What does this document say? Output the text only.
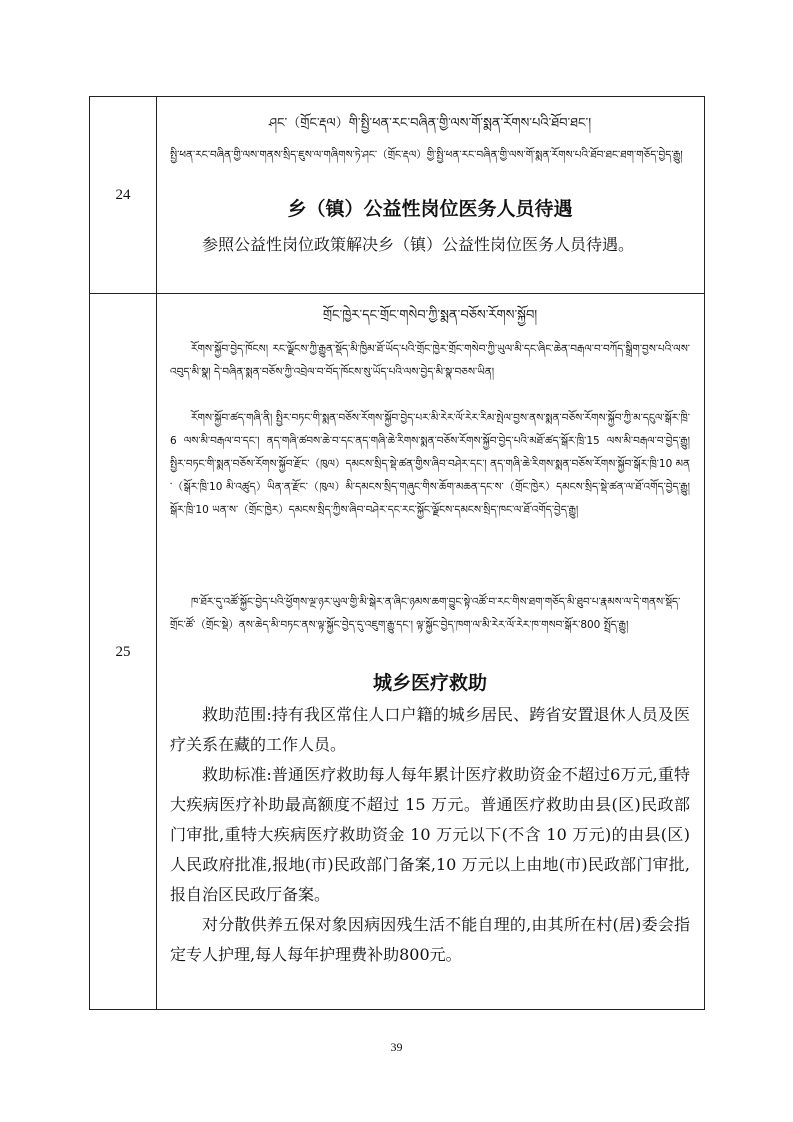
24
ཤང་（གྲོང་རྡལ）གི་སྤྱི་ཕན་རང་བཞིན་གྱི་ལས་གོ་སྨན་རོགས་པའི་ཐོབ་ཐང་།
སྤྱི་ཕན་རང་བཞིན་གྱི་ལས་གནས་སྲིད་ཇུས་ལ་གཞིགས་ཏེ་ཤང་（གྲོང་རྡལ）གྱི་སྤྱི་ཕན་རང་བཞིན་གྱི་ལས་གོ་སྨན་རོགས་པའི་ཐོབ་ཐང་ཐག་གཅོད་བྱེད་རྒྱུ།
乡（镇）公益性岗位医务人员待遇
参照公益性岗位政策解决乡（镇）公益性岗位医务人员待遇。
25
གྲོང་ཁྱེར་དང་གྲོང་གསེབ་ཀྱི་སྨན་བཅོས་རོགས་སྐྱོབ།
རོགས་སྐྱོབ་བྱེད་ཁོངས། རང་ལྗོངས་ཀྱི་རྒྱུན་སྡོད་མི་ཁྱིམ་ཐོ་ཡོད་པའི་གྲོང་ཁྱེར་གྲོང་གསེབ་ཀྱི་ཡུལ་མི་དང་ཞིང་ཆེན་བརྒལ་བ་བཀོད་སྒྲིག་བྱས་པའི་ལས་འབུད་མི་སྣ། དེ་བཞིན་སྨན་བཅོས་ཀྱི་འབྲེལ་བ་བོད་ཁོངས་སུ་ཡོད་པའི་ལས་བྱེད་མི་སྣ་བཅས་ཡིན།
རོགས་སྐྱོབ་ཚད་གཞི་ནི། སྤྱིར་བཏང་གི་སྨན་བཅོས་རོགས་སྐྱོབ་བྱེད་པར་མི་རེར་ལོ་རེར་རིམ་སྤེལ་བྱས་ནས་སྨན་བཅོས་རོགས་སྐྱོབ་ཀྱི་མ་དངུལ་སྒོར་ཁྲི་6 ལས་མི་བརྒལ་བ་དང་། ནད་གཞི་ཚབས་ཆེ་བ་དང་ནད་གཞི་ཆེ་རིགས་སྨན་བཅོས་རོགས་སྐྱོབ་བྱེད་པའི་མཐོ་ཚད་སྒོར་ཁྲི་15 ལས་མི་བརྒལ་བ་བྱེད་རྒྱུ། སྤྱིར་བཏང་གི་སྨན་བཅོས་རོགས་སྐྱོབ་རྫོང་（ཁུལ）དམངས་སྲིད་སྡེ་ཚན་གྱིས་ཞིབ་བཤེར་དང་། ནད་གཞི་ཆེ་རིགས་སྨན་བཅོས་རོགས་སྐྱོབ་སྒོར་ཁྲི་10 མན་（སྒོར་ཁྲི་10 མི་འཚུད）ཡིན་ན་རྫོང་（ཁུལ）མི་དམངས་སྲིད་གཞུང་གིས་ཆོག་མཆན་དང་ས་（གྲོང་ཁྱེར）དམངས་སྲིད་སྡེ་ཚན་ལ་ཐོ་འགོད་བྱེད་རྒྱུ། སྒོར་ཁྲི་10 ཡན་ས་（གྲོང་ཁྱེར）དམངས་སྲིད་ཀྱིས་ཞིབ་བཤེར་དང་རང་སྐྱོང་ལྗོངས་དམངས་སྲིད་ཁང་ལ་ཐོ་འགོད་བྱེད་རྒྱུ།
ཁ་ཐོར་དུ་འཚོ་སྐྱོང་བྱེད་པའི་ཕྱོགས་ལྔ་ཉར་ཡུལ་གྱི་མི་སྒེར་ན་ཞིང་ཉམས་ཆག་བྱུང་སྟེ་འཚོ་བ་རང་གིས་ཐག་གཅོད་མི་ཐུབ་པ་རྣམས་ལ་དེ་གནས་སྡོད་གྲོང་ཚོ་（གྲོང་སྡེ）ནས་ཆེད་མི་བཏང་ནས་ལྟ་སྐྱོང་བྱེད་དུ་འཇུག་རྒྱུ་དང་། ལྟ་སྐྱོང་བྱེད་ཁག་ལ་མི་རེར་ལོ་རེར་ཁ་གསབ་སྒོར་800 སྤྲོད་རྒྱུ།
城乡医疗救助
救助范围:持有我区常住人口户籍的城乡居民、跨省安置退休人员及医疗关系在藏的工作人员。
救助标准:普通医疗救助每人每年累计医疗救助资金不超过6万元,重特大疾病医疗补助最高额度不超过 15 万元。普通医疗救助由县(区)民政部门审批,重特大疾病医疗救助资金 10 万元以下(不含 10 万元)的由县(区)人民政府批准,报地(市)民政部门备案,10 万元以上由地(市)民政部门审批,报自治区民政厅备案。
对分散供养五保对象因病因残生活不能自理的,由其所在村(居)委会指定专人护理,每人每年护理费补助800元。
39
